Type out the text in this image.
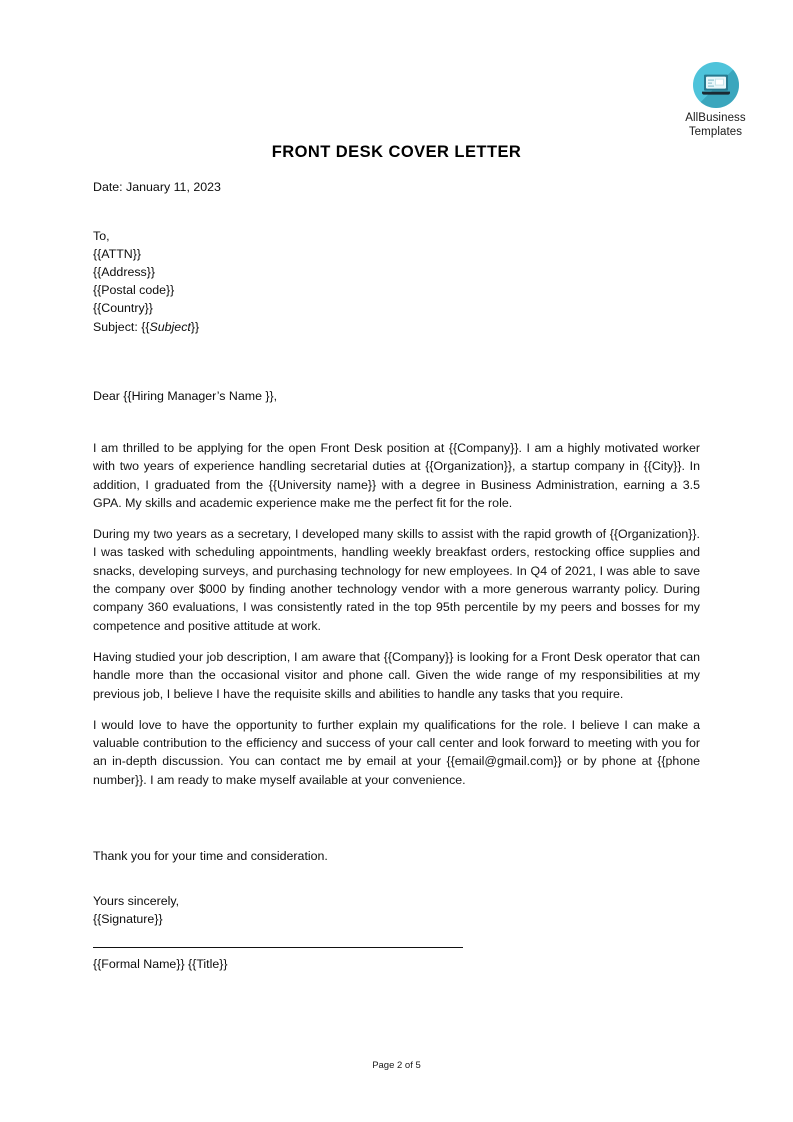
AllBusiness
Templates
FRONT DESK COVER LETTER
Date: January 11, 2023
To,
{{ATTN}}
{{Address}}
{{Postal code}}
{{Country}}
Subject: {{Subject}}
Dear {{Hiring Manager’s Name }},

I am thrilled to be applying for the open Front Desk position at {{Company}}. I am a highly motivated worker with two years of experience handling secretarial duties at {{Organization}}, a startup company in {{City}}. In addition, I graduated from the {{University name}} with a degree in Business Administration, earning a 3.5 GPA. My skills and academic experience make me the perfect fit for the role.

During my two years as a secretary, I developed many skills to assist with the rapid growth of {{Organization}}. I was tasked with scheduling appointments, handling weekly breakfast orders, restocking office supplies and snacks, developing surveys, and purchasing technology for new employees. In Q4 of 2021, I was able to save the company over $000 by finding another technology vendor with a more generous warranty policy. During company 360 evaluations, I was consistently rated in the top 95th percentile by my peers and bosses for my competence and positive attitude at work.

Having studied your job description, I am aware that {{Company}} is looking for a Front Desk operator that can handle more than the occasional visitor and phone call. Given the wide range of my responsibilities at my previous job, I believe I have the requisite skills and abilities to handle any tasks that you require.

I would love to have the opportunity to further explain my qualifications for the role. I believe I can make a valuable contribution to the efficiency and success of your call center and look forward to meeting with you for an in-depth discussion. You can contact me by email at your {{email@gmail.com}} or by phone at {{phone number}}. I am ready to make myself available at your convenience.

Thank you for your time and consideration.
Yours sincerely,
{{Signature}}
{{Formal Name}} {{Title}}
Page 2 of 5
